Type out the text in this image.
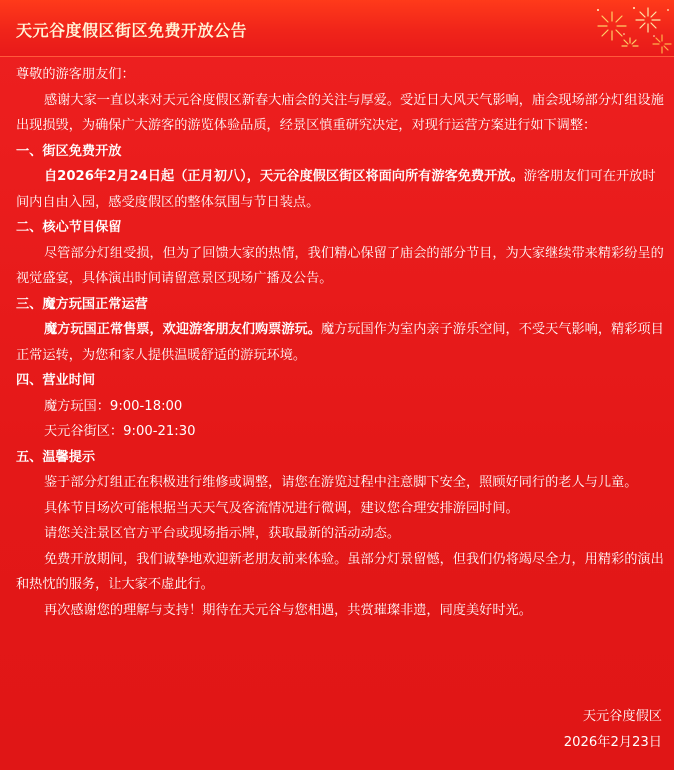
天元谷度假区街区免费开放公告

尊敬的游客朋友们：

感谢大家一直以来对天元谷度假区新春大庙会的关注与厚爱。受近日大风天气影响，庙会现场部分灯组设施出现损毁，为确保广大游客的游览体验品质，经景区慎重研究决定，对现行运营方案进行如下调整：

一、街区免费开放

自2026年2月24日起（正月初八），天元谷度假区街区将面向所有游客免费开放。游客朋友们可在开放时间内自由入园，感受度假区的整体氛围与节日装点。

二、核心节目保留

尽管部分灯组受损，但为了回馈大家的热情，我们精心保留了庙会的部分节目，为大家继续带来精彩纷呈的视觉盛宴，具体演出时间请留意景区现场广播及公告。

三、魔方玩国正常运营

魔方玩国正常售票，欢迎游客朋友们购票游玩。魔方玩国作为室内亲子游乐空间，不受天气影响，精彩项目正常运转，为您和家人提供温暖舒适的游玩环境。

四、营业时间

魔方玩国：9:00-18:00

天元谷街区：9:00-21:30

五、温馨提示

鉴于部分灯组正在积极进行维修或调整，请您在游览过程中注意脚下安全，照顾好同行的老人与儿童。

具体节目场次可能根据当天天气及客流情况进行微调，建议您合理安排游园时间。

请您关注景区官方平台或现场指示牌，获取最新的活动动态。

免费开放期间，我们诚挚地欢迎新老朋友前来体验。虽部分灯景留憾，但我们仍将竭尽全力，用精彩的演出和热忱的服务，让大家不虚此行。

再次感谢您的理解与支持！期待在天元谷与您相遇，共赏璀璨非遗，同度美好时光。

天元谷度假区

2026年2月23日
